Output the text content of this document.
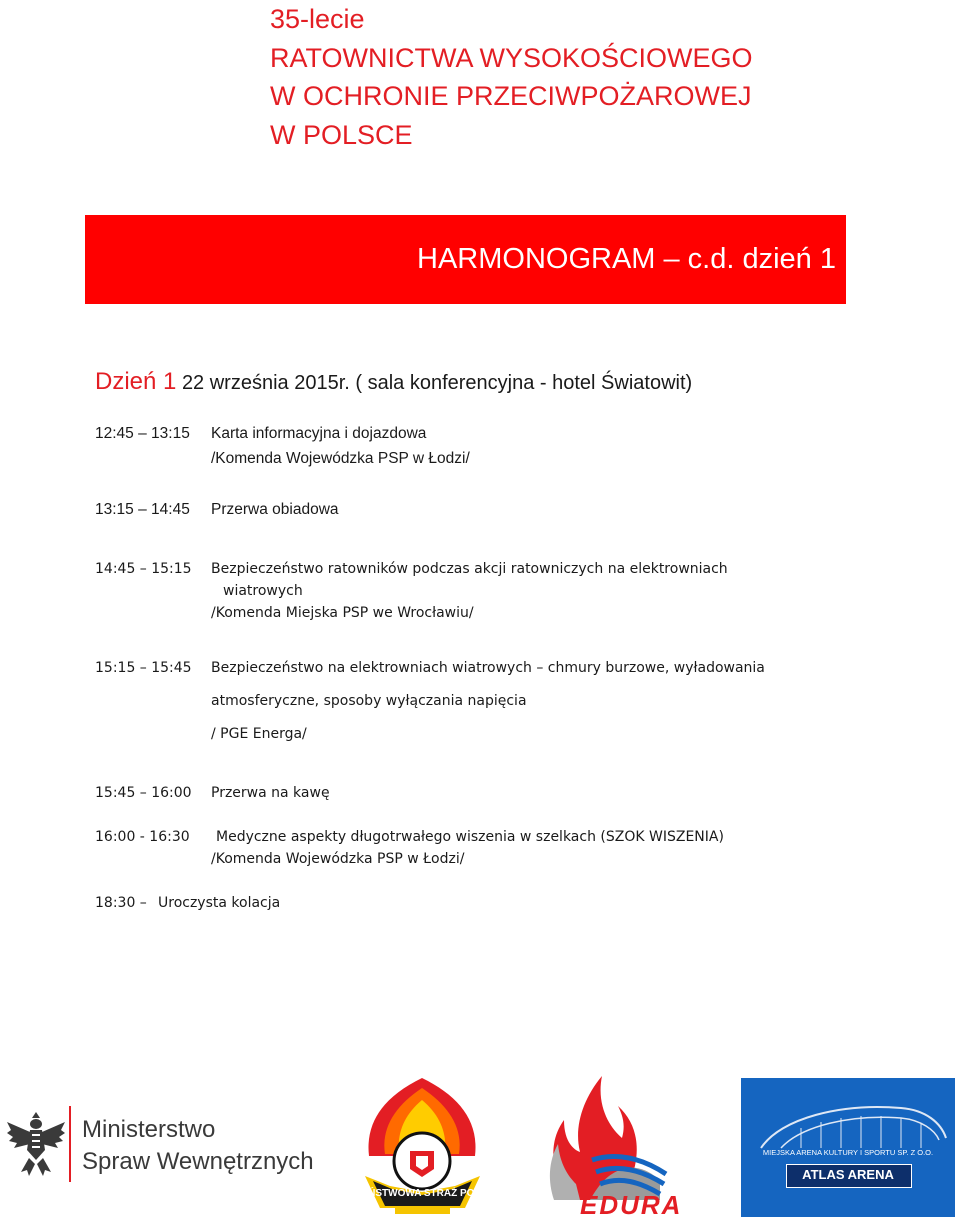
35-lecie
RATOWNICTWA WYSOKOŚCIOWEGO
W OCHRONIE PRZECIWPOŻAROWEJ
W POLSCE
HARMONOGRAM – c.d. dzień 1
Dzień 1 22 września 2015r. ( sala konferencyjna - hotel Światowit)
12:45 – 13:15 Karta informacyjna i dojazdowa
/Komenda Wojewódzka PSP w Łodzi/
13:15 – 14:45 Przerwa obiadowa
14:45 – 15:15 Bezpieczeństwo ratowników podczas akcji ratowniczych na elektrowniach
wiatrowych
/Komenda Miejska PSP we Wrocławiu/
15:15 – 15:45 Bezpieczeństwo na elektrowniach wiatrowych – chmury burzowe, wyładowania
atmosferyczne, sposoby wyłączania napięcia
/ PGE Energa/
15:45 – 16:00 Przerwa na kawę
16:00 - 16:30 Medyczne aspekty długotrwałego wiszenia w szelkach (SZOK WISZENIA)
/Komenda Wojewódzka PSP w Łodzi/
18:30 – Uroczysta kolacja
Ministerstwo
Spraw Wewnętrznych
PAŃSTWOWA STRAŻ POŻARNA	EDURA
MIEJSKA ARENA KULTURY I SPORTU SP. Z O.O.
ATLAS ARENA
